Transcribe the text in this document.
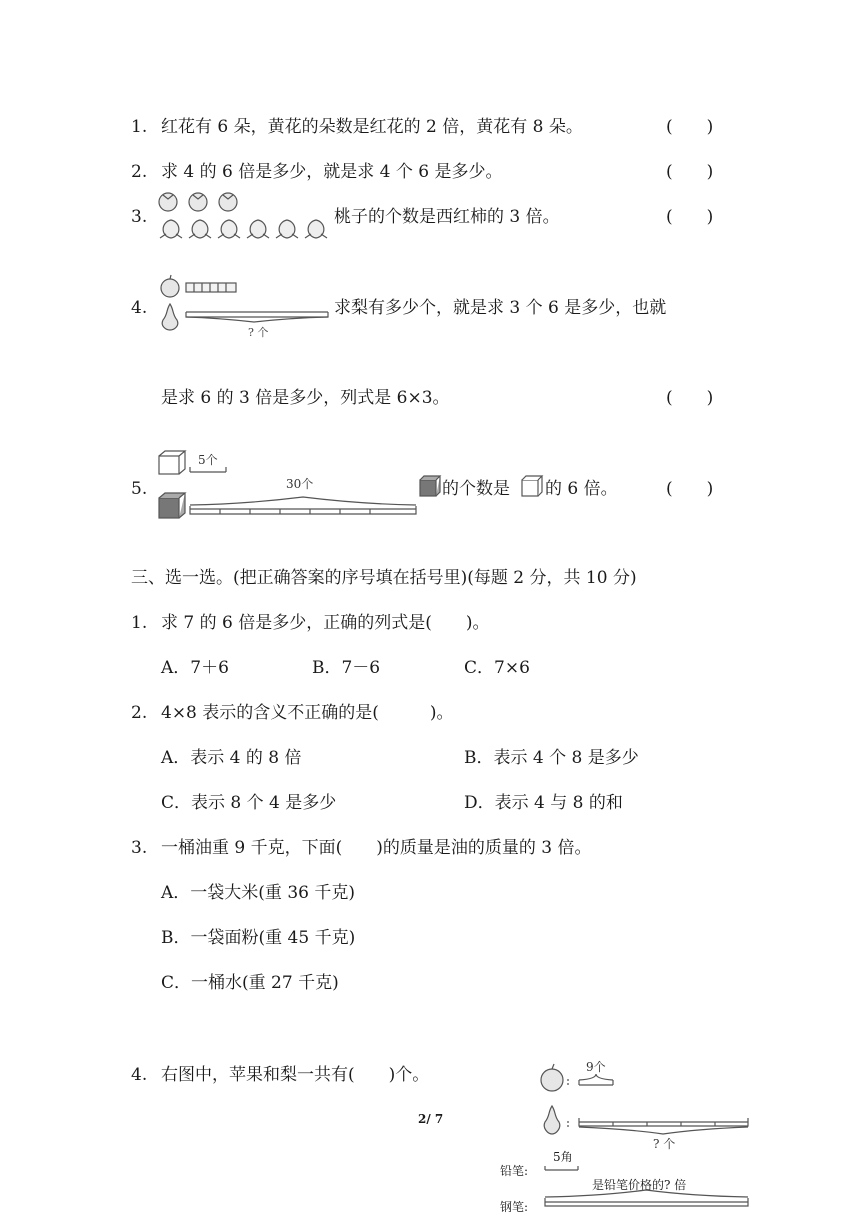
1. 红花有 6 朵，黄花的朵数是红花的 2 倍，黄花有 8 朵。	(　　)
2. 求 4 的 6 倍是多少，就是求 4 个 6 是多少。	(　　)
3.	桃子的个数是西红柿的 3 倍。	(　　)
4.
? 个
求梨有多少个，就是求 3 个 6 是多少，也就
是求 6 的 3 倍是多少，列式是 6×3。	(　　)
5.
5个
30个	的个数是 的 6 倍。	(　　)
三、选一选。(把正确答案的序号填在括号里)(每题 2 分，共 10 分)
1. 求 7 的 6 倍是多少，正确的列式是(　　)。
A．7＋6	B．7－6	C．7×6
2. 4×8 表示的含义不正确的是(　　　)。
A．表示 4 的 8 倍	B．表示 4 个 8 是多少
C．表示 8 个 4 是多少	D．表示 4 与 8 的和
3. 一桶油重 9 千克，下面(　　)的质量是油的质量的 3 倍。
A．一袋大米(重 36 千克)
B．一袋面粉(重 45 千克)
C．一桶水(重 27 千克)
4. 右图中，苹果和梨一共有(　　)个。	9个
? 个
2/ 7
铅笔:
5角
钢笔:
是铅笔价格的? 倍
